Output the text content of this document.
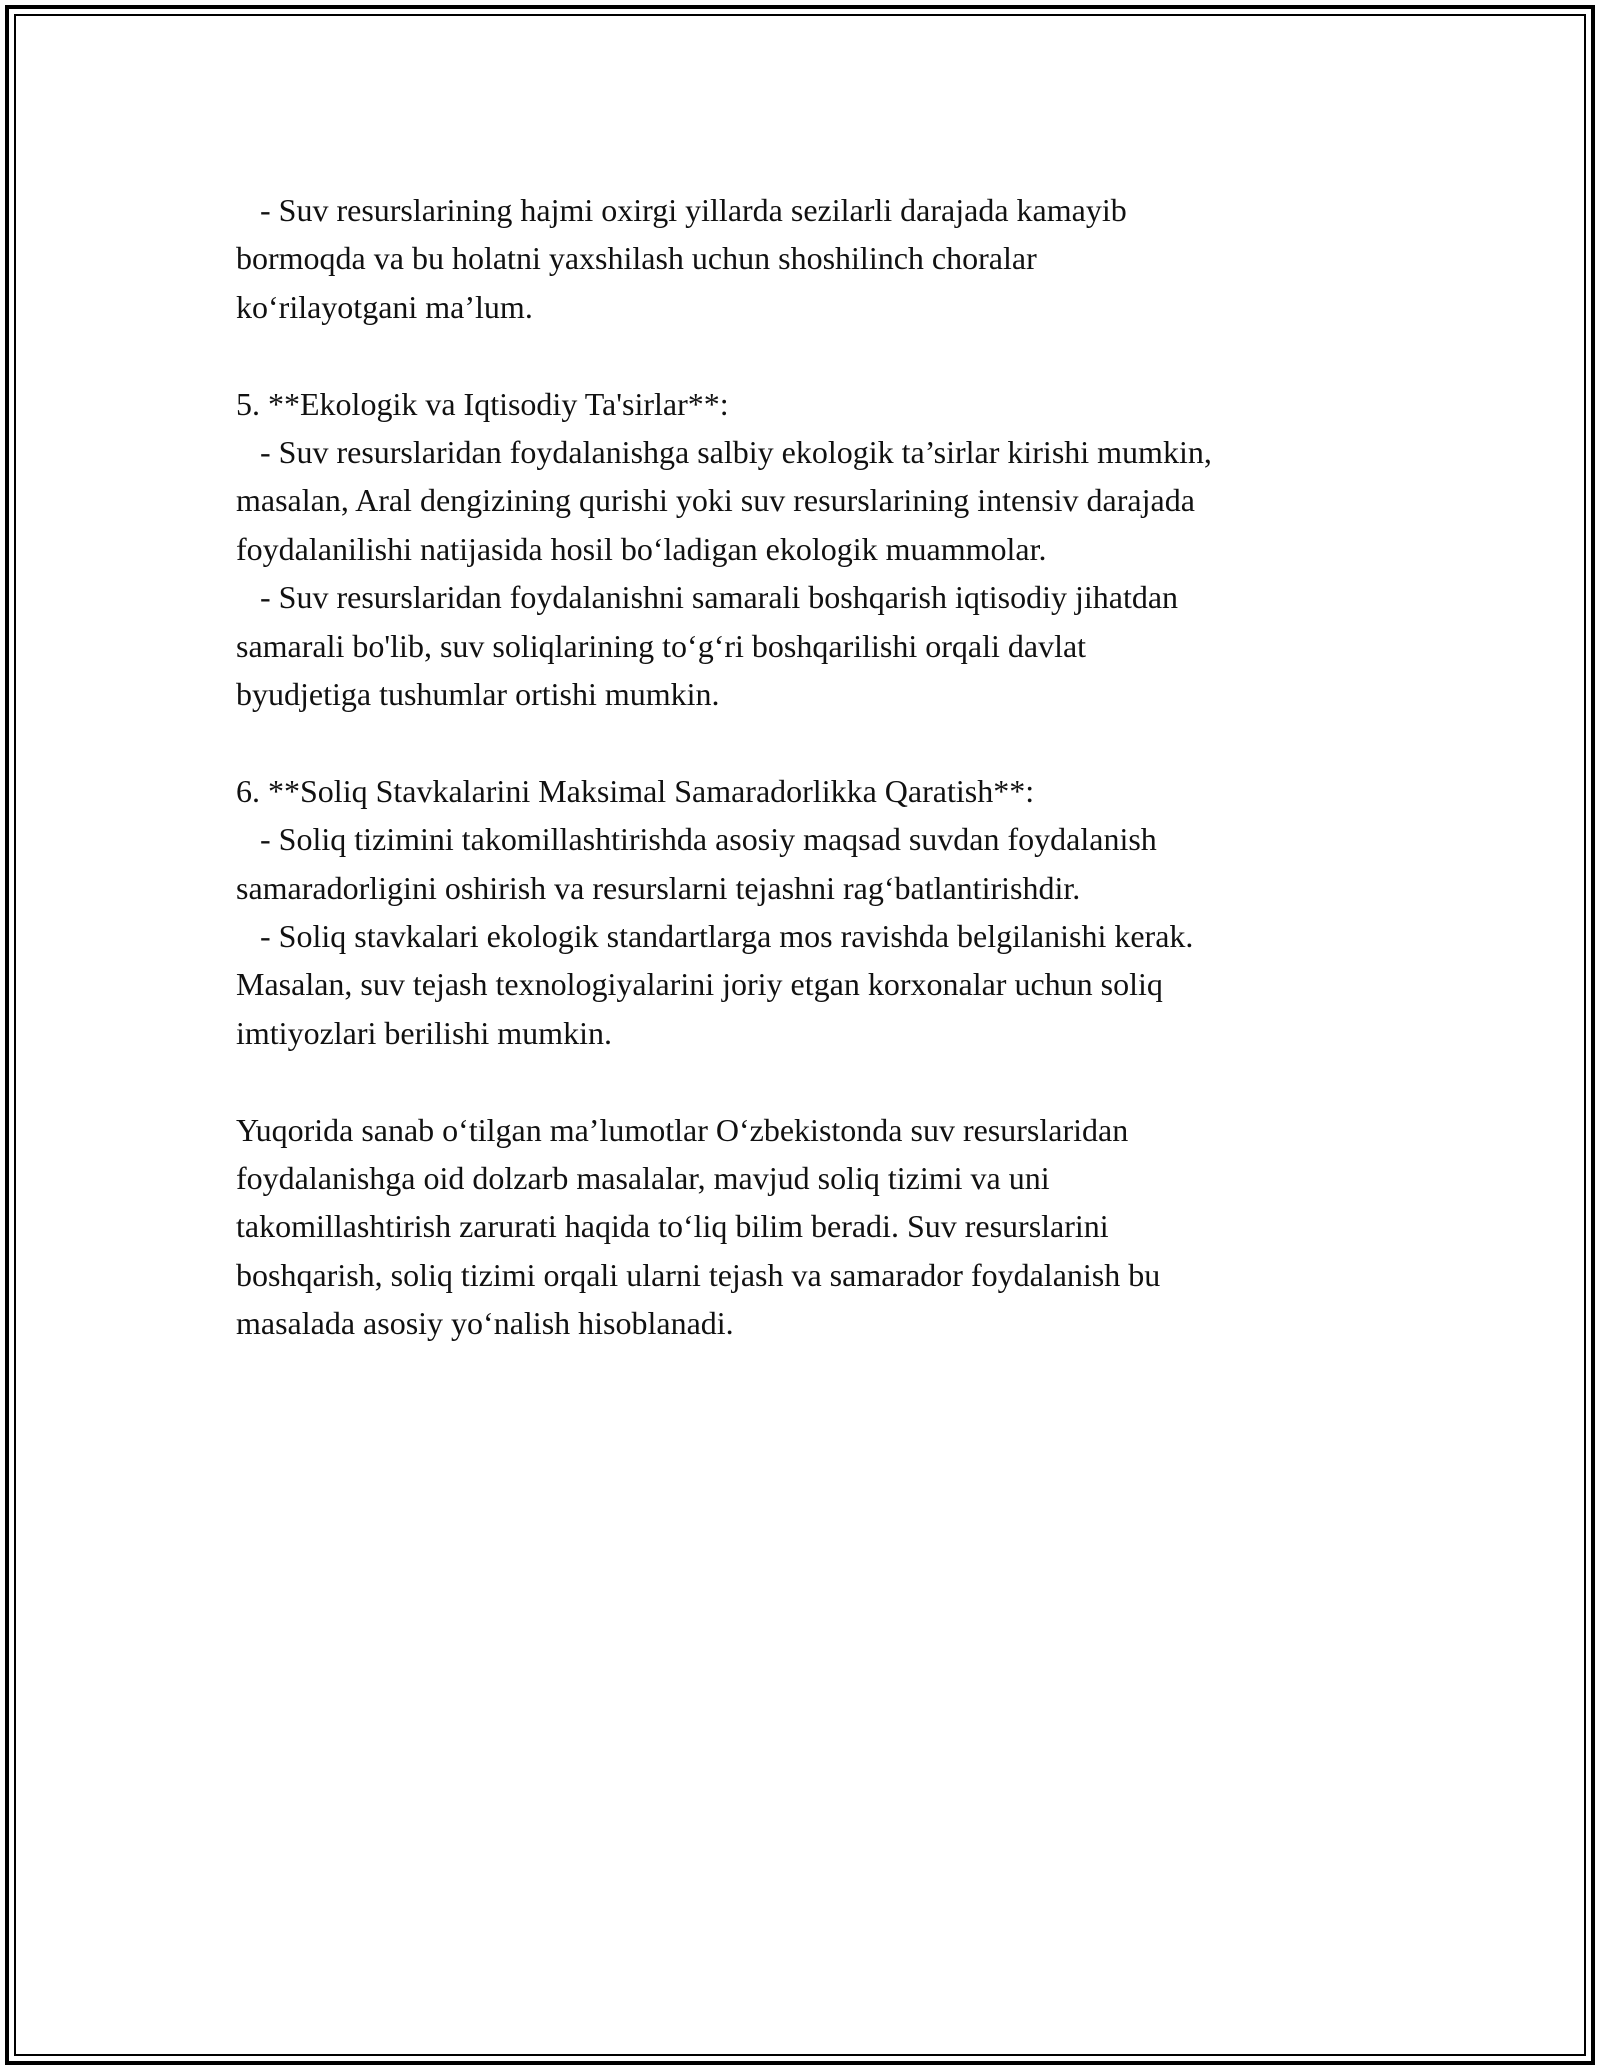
- Suv resurslarining hajmi oxirgi yillarda sezilarli darajada kamayib
bormoqda va bu holatni yaxshilash uchun shoshilinch choralar
ko‘rilayotgani ma’lum.
5. **Ekologik va Iqtisodiy Ta'sirlar**:
- Suv resurslaridan foydalanishga salbiy ekologik ta’sirlar kirishi mumkin,
masalan, Aral dengizining qurishi yoki suv resurslarining intensiv darajada
foydalanilishi natijasida hosil bo‘ladigan ekologik muammolar.
- Suv resurslaridan foydalanishni samarali boshqarish iqtisodiy jihatdan
samarali bo'lib, suv soliqlarining to‘g‘ri boshqarilishi orqali davlat
byudjetiga tushumlar ortishi mumkin.
6. **Soliq Stavkalarini Maksimal Samaradorlikka Qaratish**:
- Soliq tizimini takomillashtirishda asosiy maqsad suvdan foydalanish
samaradorligini oshirish va resurslarni tejashni rag‘batlantirishdir.
- Soliq stavkalari ekologik standartlarga mos ravishda belgilanishi kerak.
Masalan, suv tejash texnologiyalarini joriy etgan korxonalar uchun soliq
imtiyozlari berilishi mumkin.
Yuqorida sanab o‘tilgan ma’lumotlar O‘zbekistonda suv resurslaridan
foydalanishga oid dolzarb masalalar, mavjud soliq tizimi va uni
takomillashtirish zarurati haqida to‘liq bilim beradi. Suv resurslarini
boshqarish, soliq tizimi orqali ularni tejash va samarador foydalanish bu
masalada asosiy yo‘nalish hisoblanadi.
